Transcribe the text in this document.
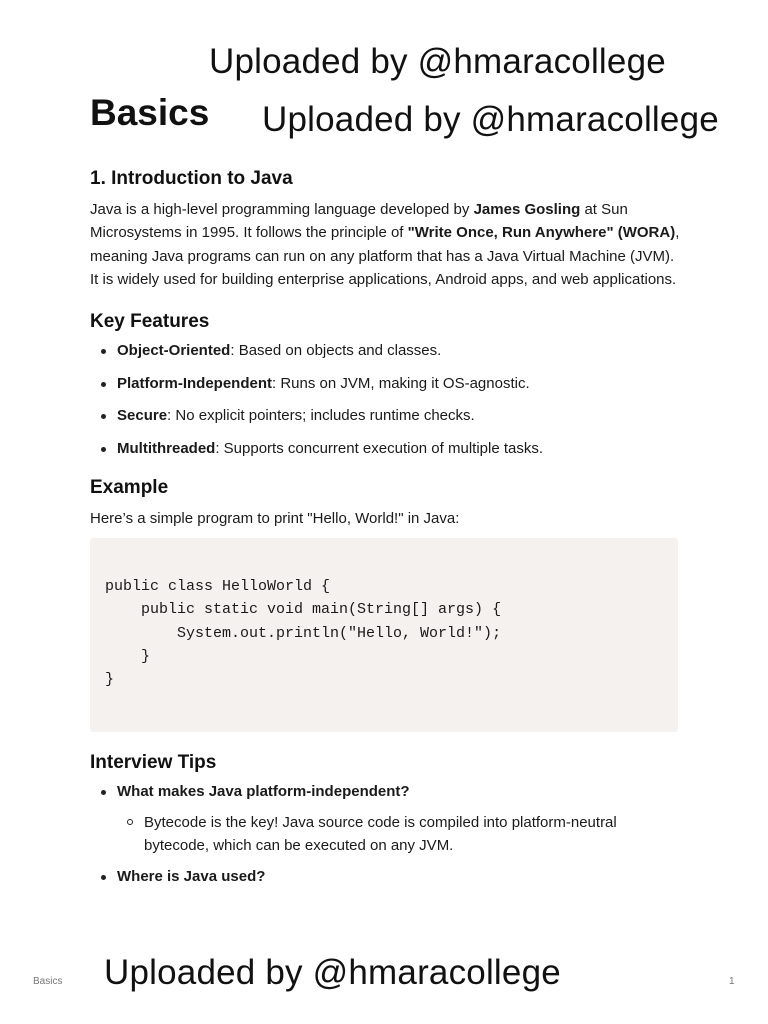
Uploaded by @hmaracollege
Basics Uploaded by @hmaracollege
1. Introduction to Java

Java is a high-level programming language developed by James Gosling at Sun Microsystems in 1995. It follows the principle of "Write Once, Run Anywhere" (WORA), meaning Java programs can run on any platform that has a Java Virtual Machine (JVM). It is widely used for building enterprise applications, Android apps, and web applications.

Key Features
Object-Oriented: Based on objects and classes.
Platform-Independent: Runs on JVM, making it OS-agnostic.
Secure: No explicit pointers; includes runtime checks.
Multithreaded: Supports concurrent execution of multiple tasks.
Example

Here’s a simple program to print "Hello, World!" in Java:

public class HelloWorld {
public static void main(String[] args) {
System.out.println("Hello, World!");
}
}
Interview Tips
What makes Java platform-independent?
Bytecode is the key! Java source code is compiled into platform-neutral bytecode, which can be executed on any JVM.
Where is Java used?
Basics Uploaded by @hmaracollege	1
